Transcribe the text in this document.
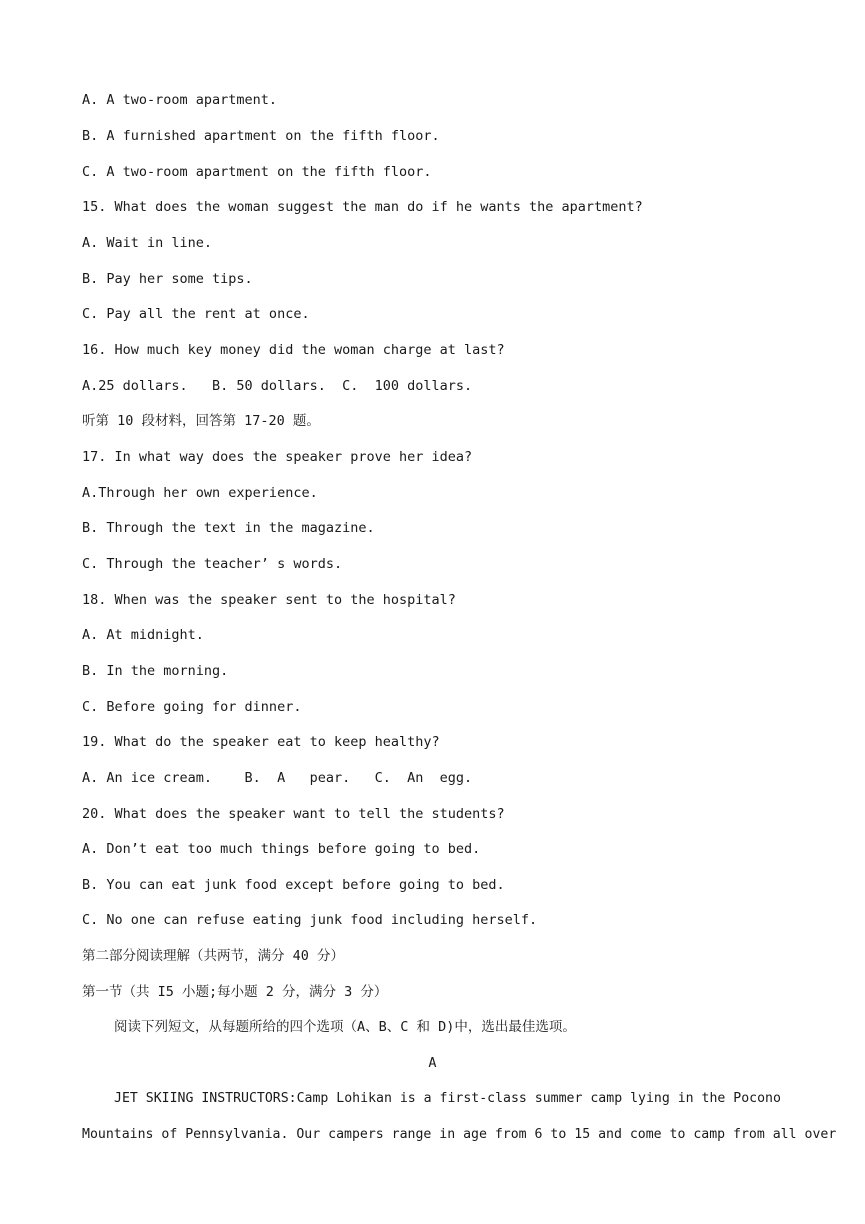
A. A two-room apartment.
B. A furnished apartment on the fifth floor.
C. A two-room apartment on the fifth floor.
15. What does the woman suggest the man do if he wants the apartment?
A. Wait in line.
B. Pay her some tips.
C. Pay all the rent at once.
16. How much key money did the woman charge at last?
A.25 dollars.   B. 50 dollars.  C.  100 dollars.
听第 10 段材料，回答第 17-20 题。
17. In what way does the speaker prove her idea?
A.Through her own experience.
B. Through the text in the magazine.
C. Through the teacher’ s words.
18. When was the speaker sent to the hospital?
A. At midnight.
B. In the morning.
C. Before going for dinner.
19. What do the speaker eat to keep healthy?
A. An ice cream.    B.  A   pear.   C.  An  egg.
20. What does the speaker want to tell the students?
A. Don’t eat too much things before going to bed.
B. You can eat junk food except before going to bed.
C. No one can refuse eating junk food including herself.
第二部分阅读理解（共两节，满分 40 分）
第一节（共 I5 小题;每小题 2 分，满分 3 分）
阅读下列短文，从每题所给的四个选项（A、B、C 和 D)中，选出最佳选项。
A
JET SKIING INSTRUCTORS:Camp Lohikan is a first-class summer camp lying in the Pocono
Mountains of Pennsylvania. Our campers range in age from 6 to 15 and come to camp from all over
